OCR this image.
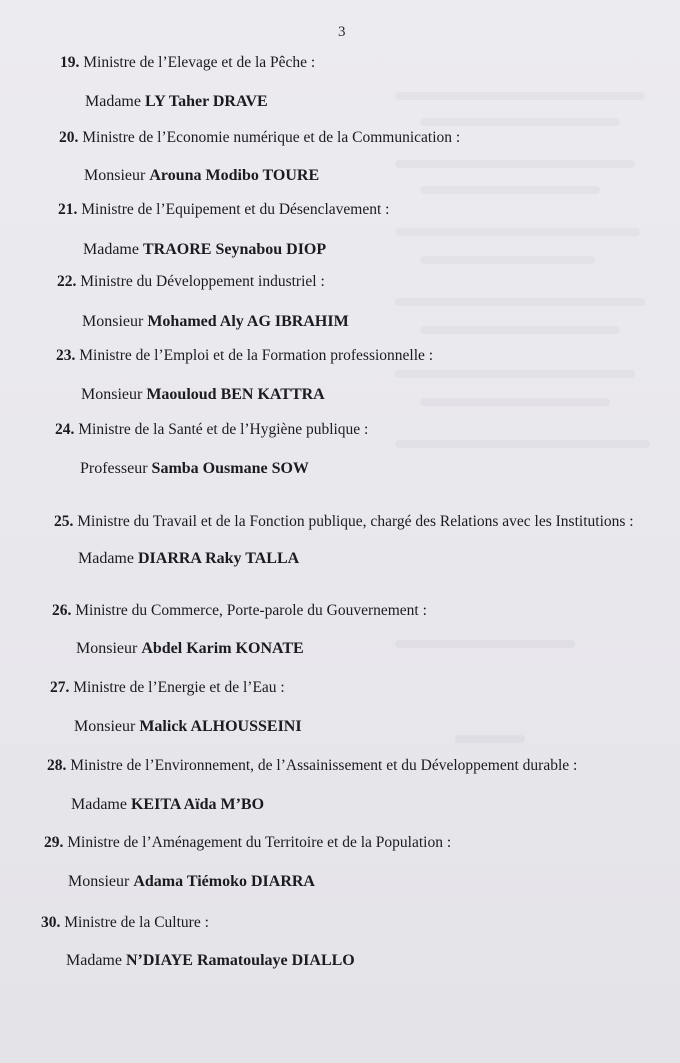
3
19. Ministre de l’Elevage et de la Pêche :
Madame LY Taher DRAVE
20. Ministre de l’Economie numérique et de la Communication :
Monsieur Arouna Modibo TOURE
21. Ministre de l’Equipement et du Désenclavement :
Madame TRAORE Seynabou DIOP
22. Ministre du Développement industriel :
Monsieur Mohamed Aly AG IBRAHIM
23. Ministre de l’Emploi et de la Formation professionnelle :
Monsieur Maouloud BEN KATTRA
24. Ministre de la Santé et de l’Hygiène publique :
Professeur Samba Ousmane SOW
25. Ministre du Travail et de la Fonction publique, chargé des Relations avec les Institutions :
Madame DIARRA Raky TALLA
26. Ministre du Commerce, Porte-parole du Gouvernement :
Monsieur Abdel Karim KONATE
27. Ministre de l’Energie et de l’Eau :
Monsieur Malick ALHOUSSEINI
28. Ministre de l’Environnement, de l’Assainissement et du Développement durable :
Madame KEITA Aïda M’BO
29. Ministre de l’Aménagement du Territoire et de la Population :
Monsieur Adama Tiémoko DIARRA
30. Ministre de la Culture :
Madame N’DIAYE Ramatoulaye DIALLO
